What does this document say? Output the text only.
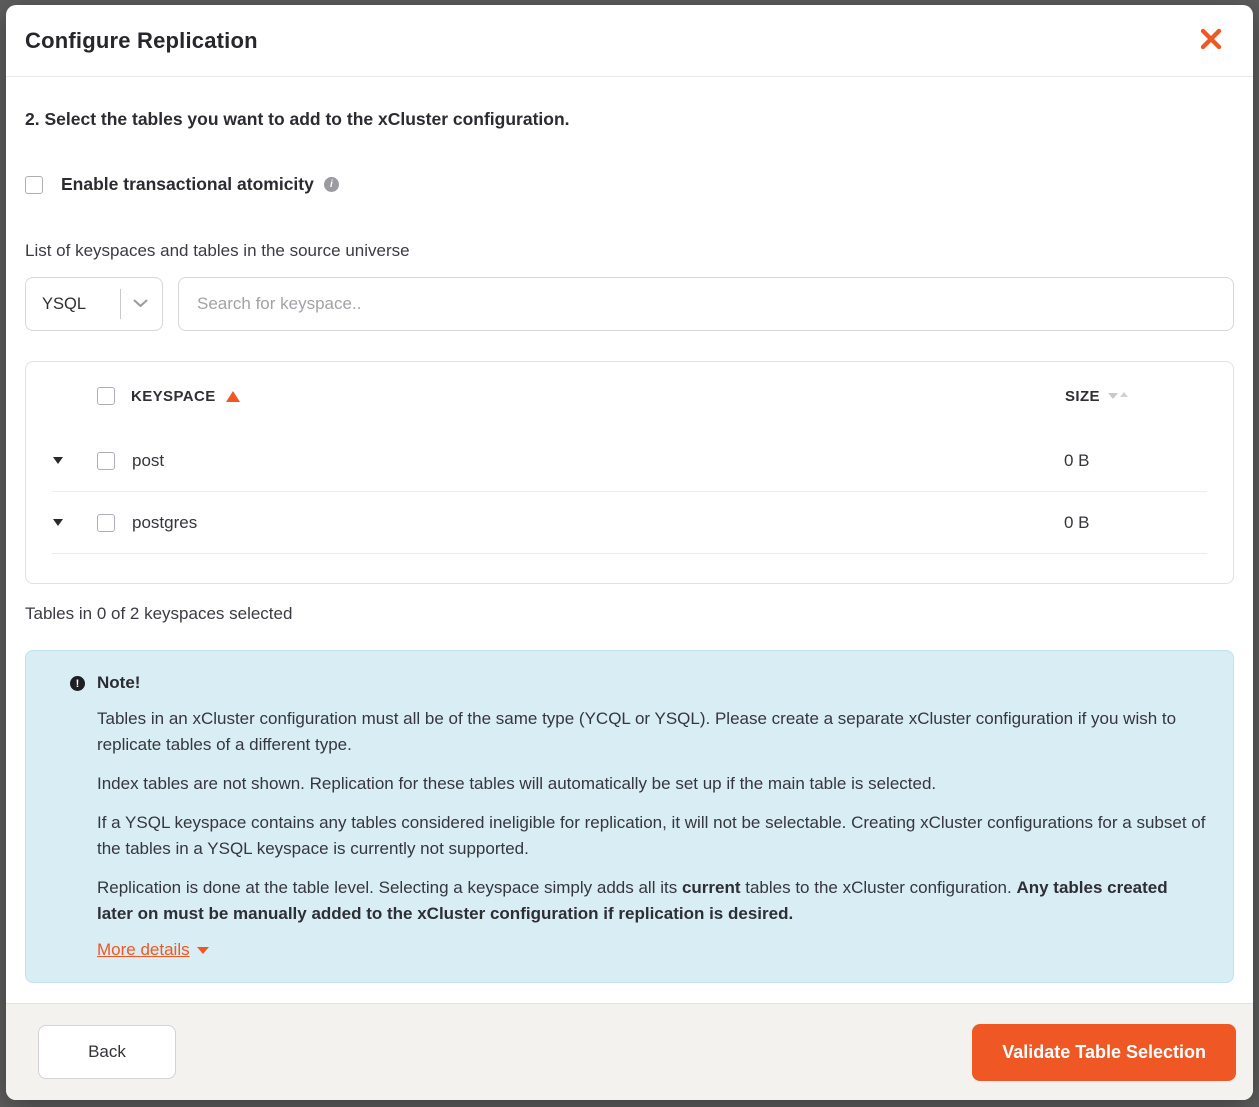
Configure Replication
2. Select the tables you want to add to the xCluster configuration.
Enable transactional atomicity	i
List of keyspaces and tables in the source universe
YSQL
Search for keyspace..
KEYSPACE	SIZE
post	0 B
postgres	0 B
Tables in 0 of 2 keyspaces selected
!	Note!

Tables in an xCluster configuration must all be of the same type (YCQL or YSQL). Please create a separate xCluster configuration if you wish to replicate tables of a different type.

Index tables are not shown. Replication for these tables will automatically be set up if the main table is selected.

If a YSQL keyspace contains any tables considered ineligible for replication, it will not be selectable. Creating xCluster configurations for a subset of the tables in a YSQL keyspace is currently not supported.

Replication is done at the table level. Selecting a keyspace simply adds all its current tables to the xCluster configuration. Any tables created later on must be manually added to the xCluster configuration if replication is desired.

More details
Back	Validate Table Selection
